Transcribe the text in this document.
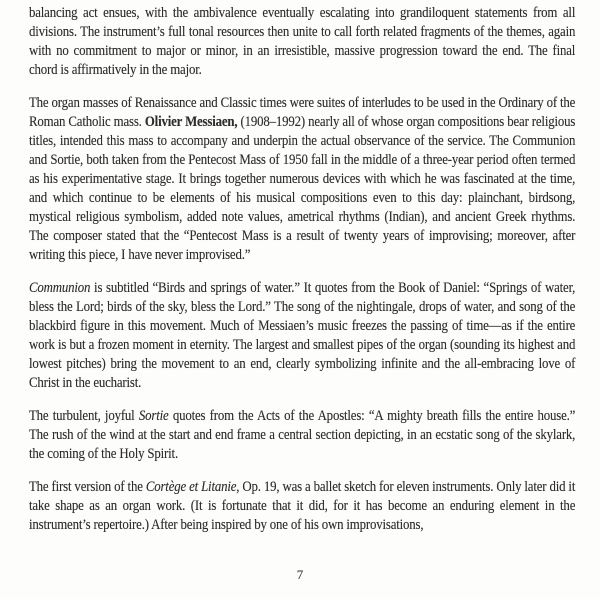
balancing act ensues, with the ambivalence eventually escalating into grandiloquent statements from all divisions. The instrument’s full tonal resources then unite to call forth related fragments of the themes, again with no commitment to major or minor, in an irresistible, massive progression toward the end. The final chord is affirmatively in the major.

The organ masses of Renaissance and Classic times were suites of interludes to be used in the Ordinary of the Roman Catholic mass. Olivier Messiaen, (1908–1992) nearly all of whose organ compositions bear religious titles, intended this mass to accompany and underpin the actual observance of the service. The Communion and Sortie, both taken from the Pentecost Mass of 1950 fall in the middle of a three-year period often termed as his experimentative stage. It brings together numerous devices with which he was fascinated at the time, and which continue to be elements of his musical compositions even to this day: plainchant, birdsong, mystical religious symbolism, added note values, ametrical rhythms (Indian), and ancient Greek rhythms. The composer stated that the “Pentecost Mass is a result of twenty years of improvising; moreover, after writing this piece, I have never improvised.”

Communion is subtitled “Birds and springs of water.” It quotes from the Book of Daniel: “Springs of water, bless the Lord; birds of the sky, bless the Lord.” The song of the nightingale, drops of water, and song of the blackbird figure in this movement. Much of Messiaen’s music freezes the passing of time—as if the entire work is but a frozen moment in eternity. The largest and smallest pipes of the organ (sounding its highest and lowest pitches) bring the movement to an end, clearly symbolizing infinite and the all-embracing love of Christ in the eucharist.

The turbulent, joyful Sortie quotes from the Acts of the Apostles: “A mighty breath fills the entire house.” The rush of the wind at the start and end frame a central section depicting, in an ecstatic song of the skylark, the coming of the Holy Spirit.

The first version of the Cortège et Litanie, Op. 19, was a ballet sketch for eleven instruments. Only later did it take shape as an organ work. (It is fortunate that it did, for it has become an enduring element in the instrument’s repertoire.) After being inspired by one of his own improvisations,

7
